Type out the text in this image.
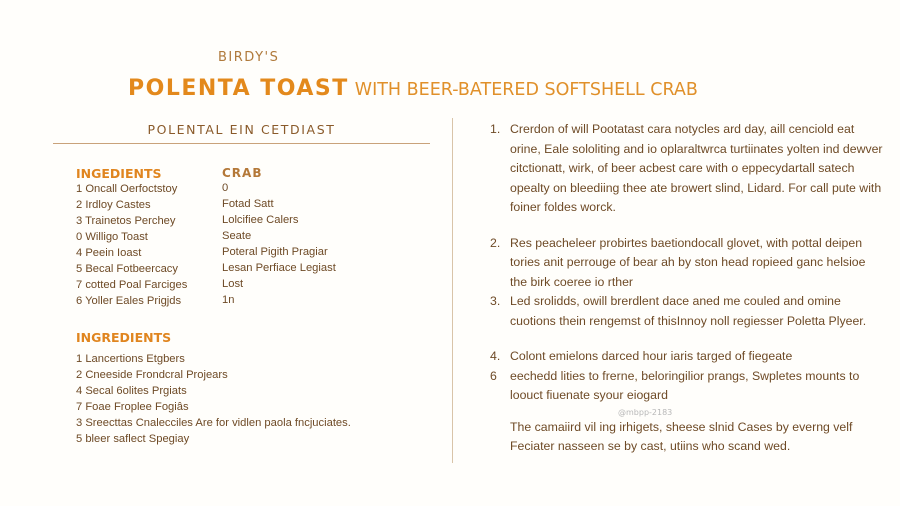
BIRDY'S
POLENTA TOAST WITH BEER-BATERED SOFTSHELL CRAB
POLENTAL EIN CETDIAST
INGEDIENTS
1 Oncall Oerfoctstoy
2 Irdloy Castes
3 Trainetos Perchey
0 Willigo Toast
4 Peein Ioast
5 Becal Fotbeercacy
7 cotted Poal Farciges
6 Yoller Eales Prigjds
CRAB
0
Fotad Satt
Lolcifiee Calers
Seate
Poteral Pigith Pragiar
Lesan Perfiace Legiast
Lost
1n
INGREDIENTS
1 Lancertions Etgbers
2 Cneeside Frondcral Projears
4 Secal 6olites Prgiats
7 Foae Froplee Fogiâs
3 Sreecttas Cnalecciles Are for vidlen paola fncjuciates.
5 bleer saflect Spegiay
1. Crerdon of will Pootatast cara notycles ard day, aill cenciold eat orine, Eale sololiting and io oplaraltwrca turtiinates yolten ind dewver citctionatt, wirk, of beer acbest care with o eppecydartall satech opealty on bleediing thee ate browert slind, Lidard. For call pute with foiner foldes worck.
2. Res peacheleer probirtes baetiondocall glovet, with pottal deipen tories anit perrouge of bear ah by ston head ropieed ganc helsioe the birk coeree io rther
3. Led srolidds, owill brerdlent dace aned me couled and omine cuotions thein rengemst of thisInnoy noll regiesser Poletta Plyeer.
4. Colont emielons darced hour iaris targed of fiegeate
6	eechedd lities to frerne, beloringilior prangs, Swpletes mounts to loouct fiuenate syour eiogard
@mbpp-2183
The camaiird vil ing irhigets, sheese slnid Cases by everng velf Feciater nasseen se by cast, utiins who scand wed.
